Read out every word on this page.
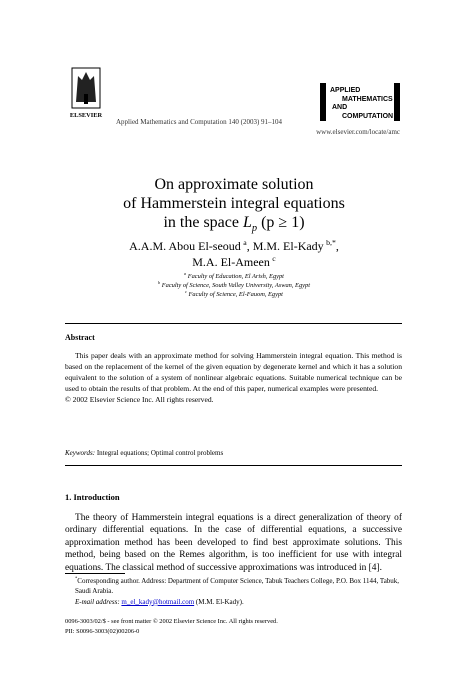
ELSEVIER
Applied Mathematics and Computation 140 (2003) 91–104
APPLIED
MATHEMATICS
AND
COMPUTATION
www.elsevier.com/locate/amc
On approximate solution
of Hammerstein integral equations
in the space $L_p$ (p ≥ 1)
A.A.M. Abou El-seoud  $^a$, M.M. El-Kady  $^{b,*}$,
M.A. El-Ameen  $^c$
$^a$ Faculty of Education, El Arish, Egypt
$^b$ Faculty of Science, South Valley University, Aswan, Egypt
$^c$ Faculty of Science, El-Fauom, Egypt
Abstract
This paper deals with an approximate method for solving Hammerstein integral equation. This method is based on the replacement of the kernel of the given equation by degenerate kernel and which it has a solution equivalent to the solution of a system of nonlinear algebraic equations. Suitable numerical technique can be used to obtain the results of that problem. At the end of this paper, numerical examples were presented.
© 2002 Elsevier Science Inc. All rights reserved.
Keywords: Integral equations; Optimal control problems
1. Introduction
The theory of Hammerstein integral equations is a direct generalization of theory of ordinary differential equations. In the case of differential equations, a successive approximation method has been developed to find best approximate solutions. This method, being based on the Remes algorithm, is too inefficient for use with integral equations. The classical method of successive approximations was introduced in [4].
*Corresponding author. Address: Department of Computer Science, Tabuk Teachers College, P.O. Box 1144, Tabuk, Saudi Arabia.
E-mail address: m_el_kady@hotmail.com (M.M. El-Kady).
0096-3003/02/$ - see front matter © 2002 Elsevier Science Inc. All rights reserved.
PII: S0096-3003(02)00206-0
